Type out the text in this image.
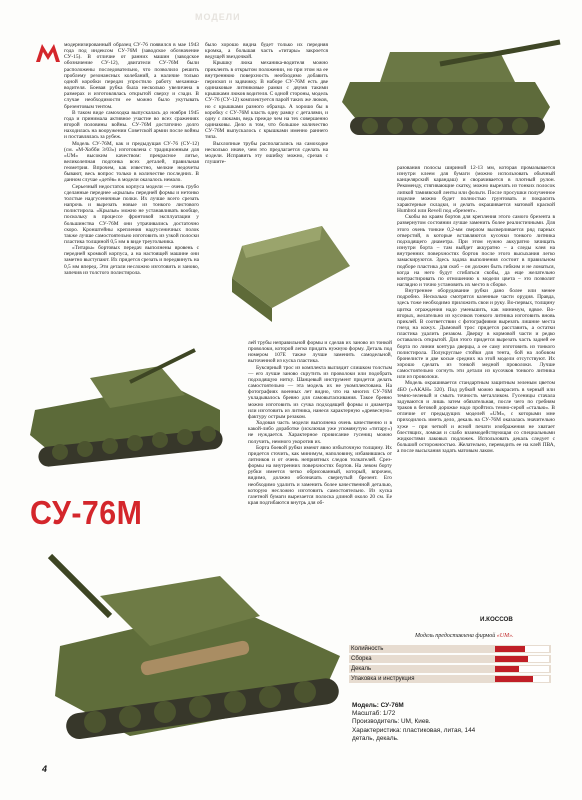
МОДЕЛИ

модернизированный образец СУ-76 появился в мае 1943 года под индексом СУ-76М (заводское обозначение СУ-15). В отличие от ранних машин (заводское обозначение СУ-12), двигатели СУ-76М были расположены последовательно, что позволило решить проблему резонансных колебаний, а наличие только одной коробки передач упростило работу механика-водителя. Боевая рубка была несколько увеличена в размерах и изготовлялась открытой сверху и сзади. В случае необходимости ее можно было укутывать брезентовым тентом.

В таком виде самоходка выпускалась до ноября 1945 года и принимала активное участие во всех сражениях второй половины войны. СУ-76М достаточно долго находилась на вооружении Советской армии после войны и поставлялась за рубеж.

Модель СУ-76М, как и предыдущая СУ-76 (СУ-12) (см. «М-Хобби 3/03») изготовлена с традиционным для «UM» высоким качеством: прекрасное литье, великолепная подгонка всех деталей, правильная геометрия. Впрочем, как известно, мелкие недочеты бывают, весь вопрос только в количестве последних. В данном случае «детёв» в модели оказалось немало.

Серьезный недостаток корпуса модели — очень грубо сделанные переднее «крылья» передней формы и нетонко толстые надгусеничные полки. Их лучше всего срезать напрочь и вырезать новые из тонкого листового полистирола. «Крылья» можно не устанавливать вообще, поскольку в процессе фронтовой эксплуатации у большинства СУ-76М они утрачивались достаточно скоро. Кронштейны крепления надгусеничных полок также лучше самостоятельно изготовить из узкой полоски пластика толщиной 0,5 мм в виде треугольника.

«Титары» бортовых передач выполнены вровень с передней кромкой корпуса, а на настоящей машине они заметно выступают. Их придется срезать и передвинуть на 0,5 мм вперед. Эти детали несложно изготовить и заново, запечив из толстого полистирола.

было хорошо видна будет только их передняя кромка, а большая часть «титары» закроется ведущей звездочкой.

Крышку люка механика-водителя можно приклеить в открытом положении, но при этом на ее внутреннюю поверхность необходимо добавить перископ и задвижку. В наборе СУ-76М есть две одинаковые литниковые рамки с двумя такими крышками люков водителя. С одной стороны, модель СУ-76 (СУ-12) комплектуется парой таких же люков, но с крышками разного образца. А хорошо бы в коробку с СУ-76М класть одну рамку с деталями, и одну с люками, ведь прежде чем на тех совершенно одинаковы. Дело в том, что большое количество СУ-76М выпускалось с крышками именно раннего типа.

Выхлопные трубы располагались на самоходке несколько иначе, чем это предлагается сделать на модели. Исправить эту ошибку можно, срезав с глушите-

разования полосы шириной 12-13 мм, которая промазывается изнутри клеем для бумаги (можно использовать обычный канцелярский карандаш) и сворачивается в плотный рулон. Рекоменду, стягивающие скатку, можно вырезать из тонких полосок липкой тамиявской ленты или фольги. После просушки полученное изделие можно будет полностью грунтовать и покрасить характерные складки, и делать окрашивается матовой краской Humbrol или Revell под «брезент».

Скобы во краям бортов для крепления этого самого брезента в развернутом состоянии лучше заменить более реалистичными. Для этого очень тонкие 0,2-мм сверлом высверливается ряд парных отверстий, в которые вставляются кусочки тонкого литника подходящего диаметра. При этом нужно аккуратно зачищать изнутри борта – там выйдет аккуратно – а следы клея на внутренних поверхностях бортов после этого высыхания легко замаскируются. Здесь задача выполнения состоит в правильном подборе пластика для скоб – он должен быть гибким и не ломаться, когда на него будут сгибаться скобы, да еще желательно контрастировать по отношению к модели цвета – это позволит наглядно и точно установить их место в сборке.

Внутреннее оборудование рубки дано более или менее подробно. Несколько смотрятся казенные части орудия. Правда, здесь тоже необходимо приложить свои и руку. Во-первых, толщину щитка ограждения надо уменьшить, как минимум, вдвое. Во-вторых, желательно из кусочков тонкого литника изготовить вновь приклей. В соответствии с фотографиями вырезать лишние места гнезд на кожух. Дымовой трос придется расставить, а остатки пластика удалить резаком. Дверцу в кормовой части и редко оставалось открытой. Для этого придется вырезать часть задней ее борта по линии контура дверцы, а ее саму изготовить из тонкого полистирола. Полукруглые стойки для тента, бой на лобовом бронелисте и две косые средних на этой модели отсутствуют. Их хорошо сделать из тонкой медной проволоки. Лучше самостоятельно согнуть эти детали из кусочков тонкого литника или из проволоки.

Модель окрашивается стандартным защитным зеленым цветом 4БО («АКАН» 320). Под рубкой можно выкрасить в черный или темно-зеленый и смыть точность металликом. Гусеницы стачала задуваются и лишь затем обязательная, после чего по гребням траков в беговой дорожке надо пройтись темно-серой «сталью». В отличие от предыдущих моделей «UM», с которыми мне приходилось иметь дело, декаль на СУ-76М оказалась значительно хуже – при четкой и ясной печати изображения не хватает блестящих, ломкая и слабо взаимодействующая со специальными жидкостями лаковых подложек. Использовать декаль следует с большой осторожностью. Желательно, переводить ее на клей ПВА, а после высыхания задать матовым лаком.

лей трубы неправильной формы и сделав их заново из тонкой проволоки, которой легко придать нужную форму. Деталь под номером 107Е также лучше заменить самодельной, выточенной из куска пластика.

Буксирный трос из комплекта выглядит слишком толстым — его лучше заново скрутить из проволоки или подобрать подходящую нитку. Шанцевый инструмент придется делать самостоятельно — эта модель их не укомплектована. На фотографиях военных лет видно, что на многих СУ-76М укладывалось бревно для самовытаскивания. Такое бревно можно изготовить из сучка подходящей формы и диаметра или изготовить из литника, нанеся характерную «древесную» фактуру острым резаком.

Ходовая часть модели выполнена очень качественно и в какой-либо доработке (исключая уже упомянутую «титару») не нуждается. Характерное провисание гусениц можно получить, немного укоротив их.

Борта боевой рубки имеют явно избыточную толщину. Их придется сточить, как минимум, наполовину, избавившись от литников и от очень неприятных следов толкателей. Срез-формы на внутренних поверхностях бортов. На левом борту рубки имеется четко обрисованный, который, впрочем, видимо, должно обозначать свернутый брезент. Его необходимо удалить и заменить более качественной деталью, которую несложно изготовить самостоятельно. Из куска газетной бумаги вырезается полоска длиной около 20 см. Ее края подгибаются внутрь для об-

СУ-76М
И.КОССОВ
Модель предоставлена фирмой «UM».
Колийность
Сборка
Декаль
Упаковка и инструкция
Модель: СУ-76М
Масштаб: 1/72
Производитель: UM, Киев.
Характеристика: пластиковая, литая, 144
деталь, декаль.
4
